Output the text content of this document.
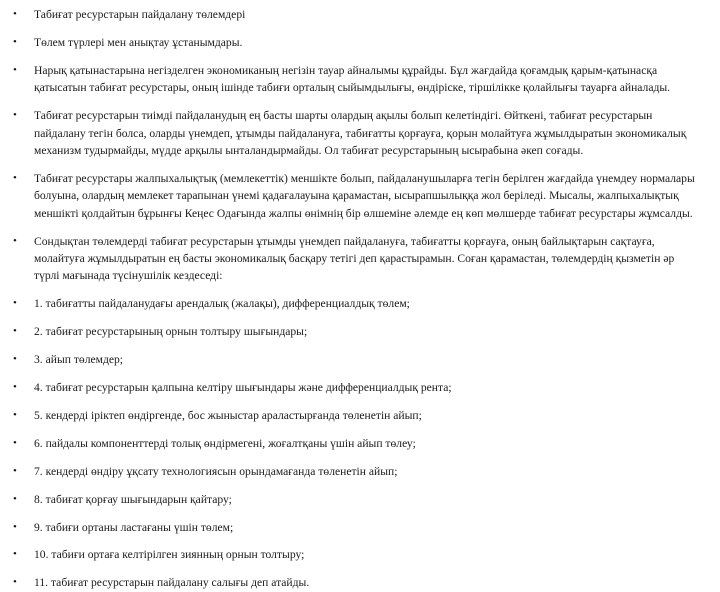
• Табиғат ресурстарын пайдалану төлемдері
• Төлем түрлері мен анықтау ұстанымдары.
• Нарық қатынастарына негізделген экономиканың негізін тауар айналымы құрайды. Бұл жағдайда қоғамдық қарым-қатынасқа қатысатын табиғат ресурстары, оның ішінде табиғи орталың сыйымдылығы, өндіріске, тіршілікке қолайлығы тауарға айналады.
• Табиғат ресурстарын тиімді пайдаланудың ең басты шарты олардың ақылы болып келетіндігі. Өйткені, табиғат ресурстарын пайдалану тегін болса, оларды үнемдеп, ұтымды пайдалануға, табиғатты қорғауға, қорын молайтуға жұмылдыратын экономикалық механизм тудырмайды, мүдде арқылы ынталандырмайды. Ол табиғат ресурстарының ысырабына әкеп соғады.
• Табиғат ресурстары жалпыхалықтық (мемлекеттік) меншікте болып, пайдаланушыларға тегін берілген жағдайда үнемдеу нормалары болуына, олардың мемлекет тарапынан үнемі қадағалауына қарамастан, ысырапшылыққа жол беріледі. Мысалы, жалпыхалықтық меншікті қолдайтын бұрынғы Кеңес Одағында жалпы өнімнің бір өлшеміне әлемде ең көп мөлшерде табиғат ресурстары жұмсалды.
• Сондықтан төлемдерді табиғат ресурстарын ұтымды үнемдеп пайдалануға, табиғатты қорғауға, оның байлықтарын сақтауға, молайтуға жұмылдыратын ең басты экономикалық басқару тетігі деп қарастырамын. Соған қарамастан, төлемдердің қызметін әр түрлі мағынада түсінушілік кездеседі:
• 1. табиғатты пайдаланудағы арендалық (жалақы), дифференциалдық төлем;
• 2. табиғат ресурстарының орнын толтыру шығындары;
• 3. айып төлемдер;
• 4. табиғат ресурстарын қалпына келтіру шығындары және дифференциалдық рента;
• 5. кендерді іріктеп өндіргенде, бос жыныстар араластырғанда төленетін айып;
• 6. пайдалы компоненттерді толық өндірмегені, жоғалтқаны үшін айып төлеу;
• 7. кендерді өндіру ұқсату технологиясын орындамағанда төленетін айып;
• 8. табиғат қорғау шығындарын қайтару;
• 9. табиғи ортаны ластағаны үшін төлем;
• 10. табиғи ортаға келтірілген зиянның орнын толтыру;
• 11. табиғат ресурстарын пайдалану салығы деп атайды.
